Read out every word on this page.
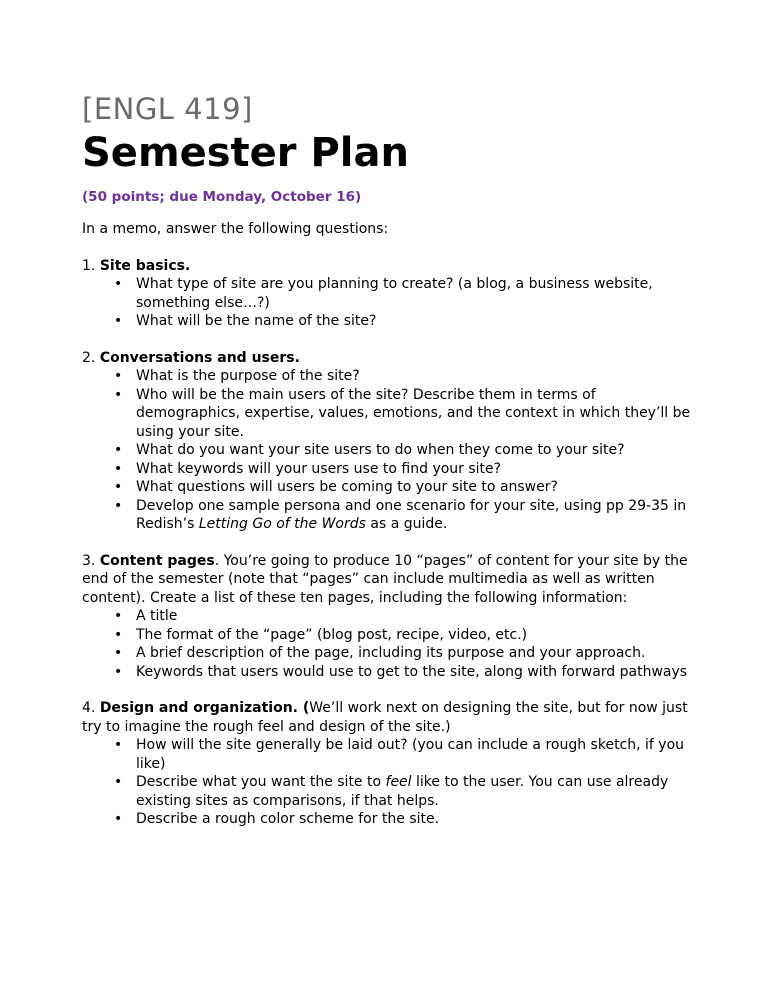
[ENGL 419]
Semester Plan
(50 points; due Monday, October 16)
In a memo, answer the following questions:
1. Site basics.
• What type of site are you planning to create? (a blog, a business website, something else…?)
• What will be the name of the site?
2. Conversations and users.
• What is the purpose of the site?
• Who will be the main users of the site? Describe them in terms of demographics, expertise, values, emotions, and the context in which they’ll be using your site.
• What do you want your site users to do when they come to your site?
• What keywords will your users use to find your site?
• What questions will users be coming to your site to answer?
• Develop one sample persona and one scenario for your site, using pp 29-35 in Redish’s Letting Go of the Words as a guide.
3. Content pages. You’re going to produce 10 “pages” of content for your site by the end of the semester (note that “pages” can include multimedia as well as written content). Create a list of these ten pages, including the following information:
• A title
• The format of the “page” (blog post, recipe, video, etc.)
• A brief description of the page, including its purpose and your approach.
• Keywords that users would use to get to the site, along with forward pathways
4. Design and organization. (We’ll work next on designing the site, but for now just try to imagine the rough feel and design of the site.)
• How will the site generally be laid out? (you can include a rough sketch, if you like)
• Describe what you want the site to feel like to the user. You can use already existing sites as comparisons, if that helps.
• Describe a rough color scheme for the site.
